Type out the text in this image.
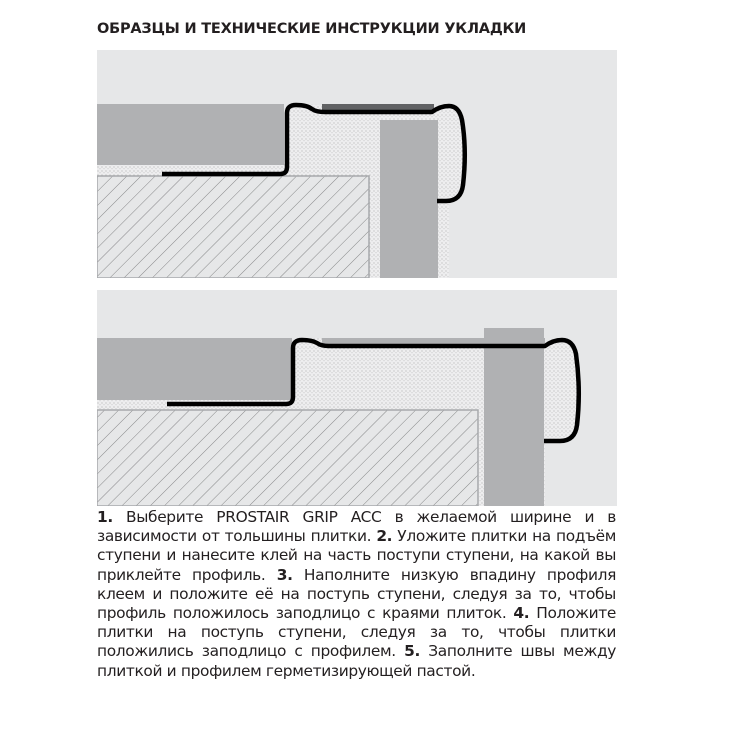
ОБРАЗЦЫ И ТЕХНИЧЕСКИЕ ИНСТРУКЦИИ УКЛАДКИ
1. Выберите PROSTAIR GRIP ACC в желаемой ширине и в зависимости от тольшины плитки. 2. Уложите плитки на подъём ступени и нанесите клей на часть поступи ступени, на какой вы приклейте профиль. 3. Наполните низкую впадину профиля клеем и положите её на поступь ступени, следуя за то, чтобы профиль положилось заподлицо с краями плиток. 4. Положите плитки на поступь ступени, следуя за то, чтобы плитки положились заподлицо с профилем. 5. Заполните швы между плиткой и профилем герметизирующей пастой.
